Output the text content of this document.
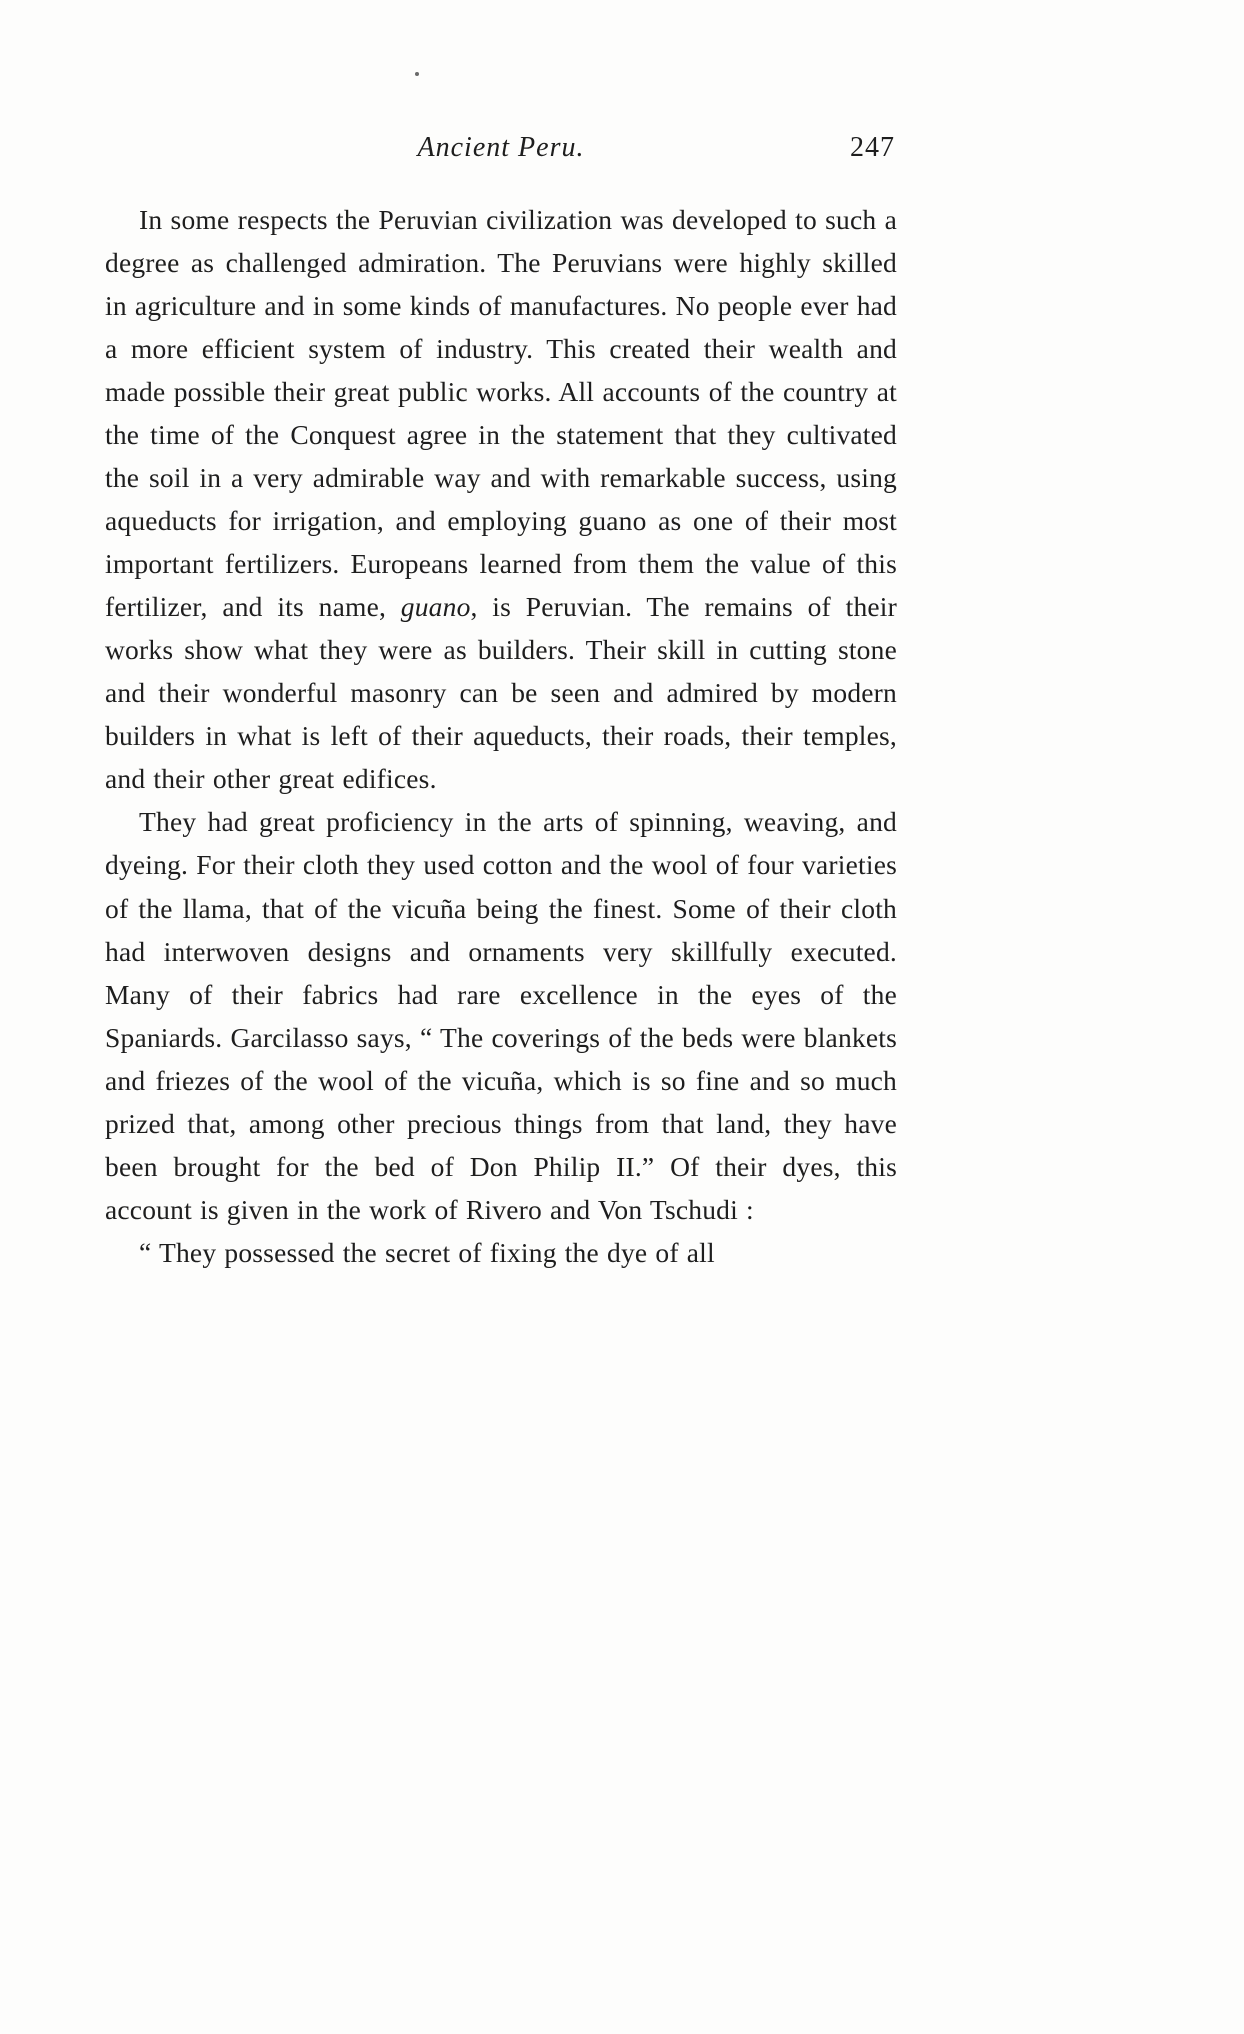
Ancient Peru.	247

In some respects the Peruvian civilization was developed to such a degree as challenged admiration. The Peruvians were highly skilled in agriculture and in some kinds of manufactures. No people ever had a more efficient system of industry. This created their wealth and made possible their great public works. All accounts of the country at the time of the Conquest agree in the statement that they cultivated the soil in a very admirable way and with remarkable success, using aqueducts for irrigation, and employing guano as one of their most important fertilizers. Europeans learned from them the value of this fertilizer, and its name, guano, is Peruvian. The remains of their works show what they were as builders. Their skill in cutting stone and their wonderful masonry can be seen and admired by modern builders in what is left of their aqueducts, their roads, their temples, and their other great edifices.

They had great proficiency in the arts of spinning, weaving, and dyeing. For their cloth they used cotton and the wool of four varieties of the llama, that of the vicuña being the finest. Some of their cloth had interwoven designs and ornaments very skillfully executed. Many of their fabrics had rare excellence in the eyes of the Spaniards. Garcilasso says, “ The coverings of the beds were blankets and friezes of the wool of the vicuña, which is so fine and so much prized that, among other precious things from that land, they have been brought for the bed of Don Philip II.” Of their dyes, this account is given in the work of Rivero and Von Tschudi :

“ They possessed the secret of fixing the dye of all
